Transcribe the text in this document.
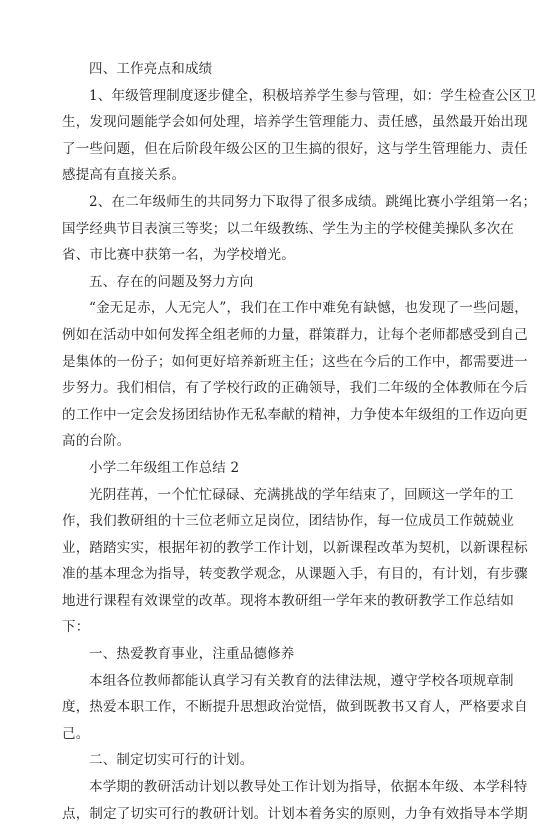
四、工作亮点和成绩
1、年级管理制度逐步健全，积极培养学生参与管理，如：学生检查公区卫
生，发现问题能学会如何处理，培养学生管理能力、责任感，虽然最开始出现
了一些问题，但在后阶段年级公区的卫生搞的很好，这与学生管理能力、责任
感提高有直接关系。
2、在二年级师生的共同努力下取得了很多成绩。跳绳比赛小学组第一名；
国学经典节目表演三等奖；以二年级教练、学生为主的学校健美操队多次在
省、市比赛中获第一名，为学校增光。
五、存在的问题及努力方向
“金无足赤，人无完人”，我们在工作中难免有缺憾，也发现了一些问题，
例如在活动中如何发挥全组老师的力量，群策群力，让每个老师都感受到自己
是集体的一份子；如何更好培养新班主任；这些在今后的工作中，都需要进一
步努力。我们相信，有了学校行政的正确领导，我们二年级的全体教师在今后
的工作中一定会发扬团结协作无私奉献的精神，力争使本年级组的工作迈向更
高的台阶。
小学二年级组工作总结 2
光阴荏苒，一个忙忙碌碌、充满挑战的学年结束了，回顾这一学年的工
作，我们教研组的十三位老师立足岗位，团结协作，每一位成员工作兢兢业
业，踏踏实实，根据年初的教学工作计划，以新课程改革为契机，以新课程标
准的基本理念为指导，转变教学观念，从课题入手，有目的，有计划，有步骤
地进行课程有效课堂的改革。现将本教研组一学年来的教研教学工作总结如
下：
一、热爱教育事业，注重品德修养
本组各位教师都能认真学习有关教育的法律法规，遵守学校各项规章制
度，热爱本职工作，不断提升思想政治觉悟，做到既教书又育人，严格要求自
己。
二、制定切实可行的计划。
本学期的教研活动计划以教导处工作计划为指导，依据本年级、本学科特
点，制定了切实可行的教研计划。计划本着务实的原则，力争有效指导本学期
